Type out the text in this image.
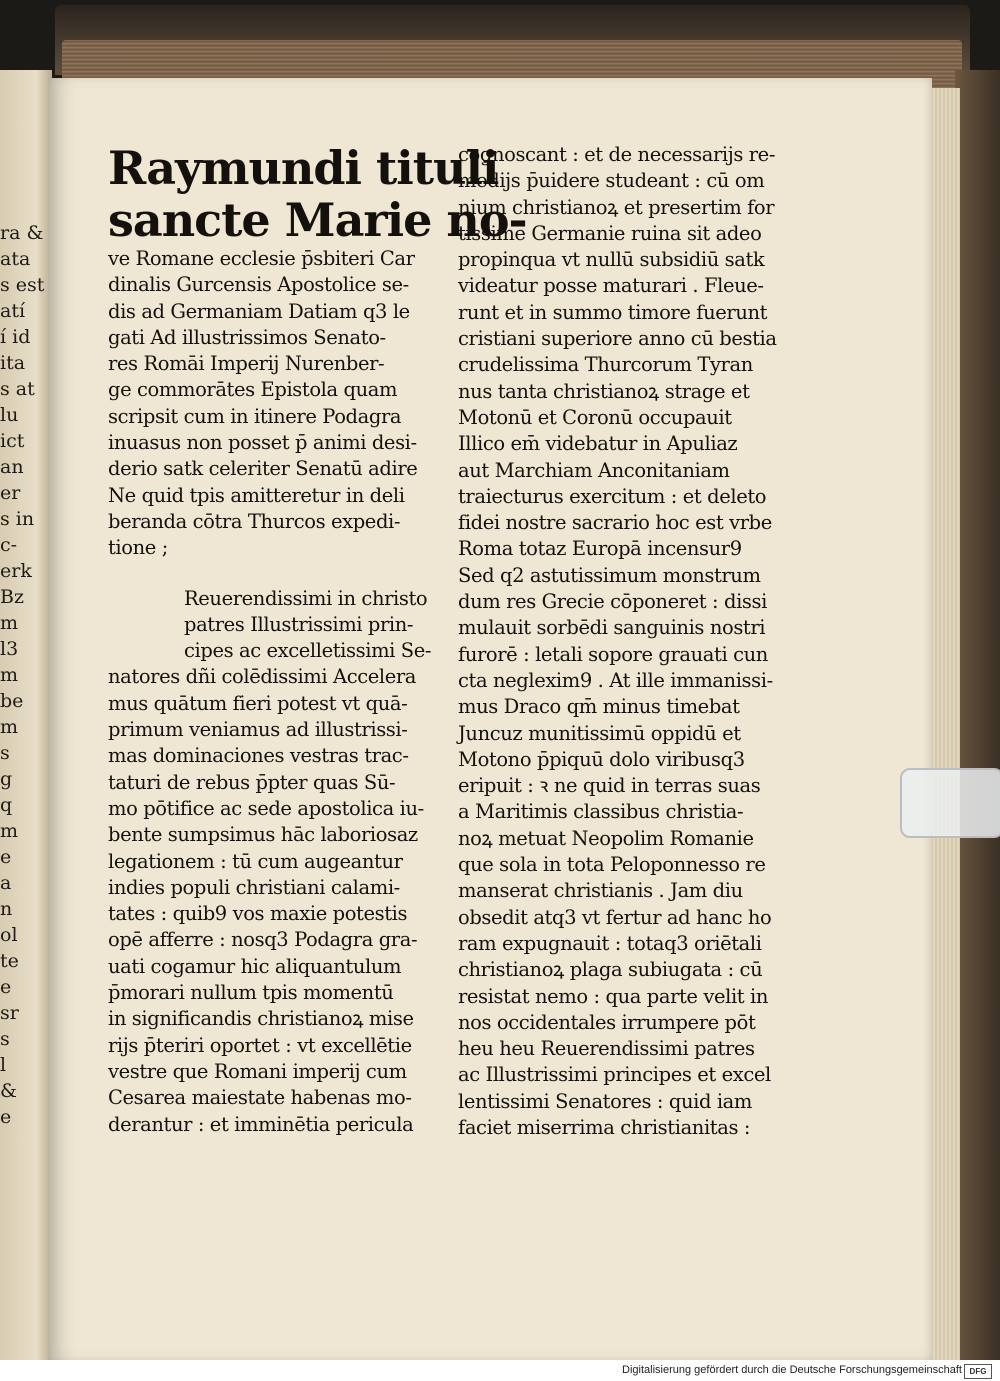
ra &
ata
s est
atí
í id
ita
s at
lu
ict
an
er
s in
c-
erk
Bz
m
l3
m
be
m
s
g
q
m
e
a
n
ol
te
e
sr
s
l
&
e
Raymundi tituli
sancte Marie no-
ve Romane ecclesie p̄sbiteri Car
dinalis Gurcensis Apostolice se-
dis ad Germaniam Datiam q3 le
gati Ad illustrissimos Senato-
res Romāi Imperij Nurenber-
ge commorātes Epistola quam
scripsit cum in itinere Podagra
inuasus non posset p̄ animi desi-
derio satk celeriter Senatū adire
Ne quid tpis amitteretur in deli
beranda cōtra Thurcos expedi-
tione ;
Reuerendissimi in christo
patres Illustrissimi prin-
cipes ac excelletissimi Se-
natores dñi colēdissimi Accelera
mus quātum fieri potest vt quā-
primum veniamus ad illustrissi-
mas dominaciones vestras trac-
taturi de rebus p̄pter quas Sū-
mo pōtifice ac sede apostolica iu-
bente sumpsimus hāc laboriosaz
legationem : tū cum augeantur
indies populi christiani calami-
tates : quib9 vos maxie potestis
opē afferre : nosq3 Podagra gra-
uati cogamur hic aliquantulum
p̄morari nullum tpis momentū
in significandis christianoꝝ mise
rijs p̄teriri oportet : vt excellētie
vestre que Romani imperij cum
Cesarea maiestate habenas mo-
derantur : et imminētia pericula
cognoscant : et de necessarijs re-
medijs p̄uidere studeant : cū om
nium christianoꝝ et presertim for
tissime Germanie ruina sit adeo
propinqua vt nullū subsidiū satk
videatur posse maturari . Fleue-
runt et in summo timore fuerunt
cristiani superiore anno cū bestia
crudelissima Thurcorum Tyran
nus tanta christianoꝝ strage et
Motonū et Coronū occupauit
Illico em̄ videbatur in Apuliaz
aut Marchiam Anconitaniam
traiecturus exercitum : et deleto
fidei nostre sacrario hoc est vrbe
Roma totaz Europā incensur9
Sed q2 astutissimum monstrum
dum res Grecie cōponeret : dissi
mulauit sorbēdi sanguinis nostri
furorē : letali sopore grauati cun
cta neglexim9 . At ille immanissi-
mus Draco qm̄ minus timebat
Juncuz munitissimū oppidū et
Motono p̄piquū dolo viribusq3
eripuit : ꝛ ne quid in terras suas
a Maritimis classibus christia-
noꝝ metuat Neopolim Romanie
que sola in tota Peloponnesso re
manserat christianis . Jam diu
obsedit atq3 vt fertur ad hanc ho
ram expugnauit : totaq3 oriētali
christianoꝝ plaga subiugata : cū
resistat nemo : qua parte velit in
nos occidentales irrumpere pōt
heu heu Reuerendissimi patres
ac Illustrissimi principes et excel
lentissimi Senatores : quid iam
faciet miserrima christianitas :
Digitalisierung gefördert durch die Deutsche Forschungsgemeinschaft DFG
